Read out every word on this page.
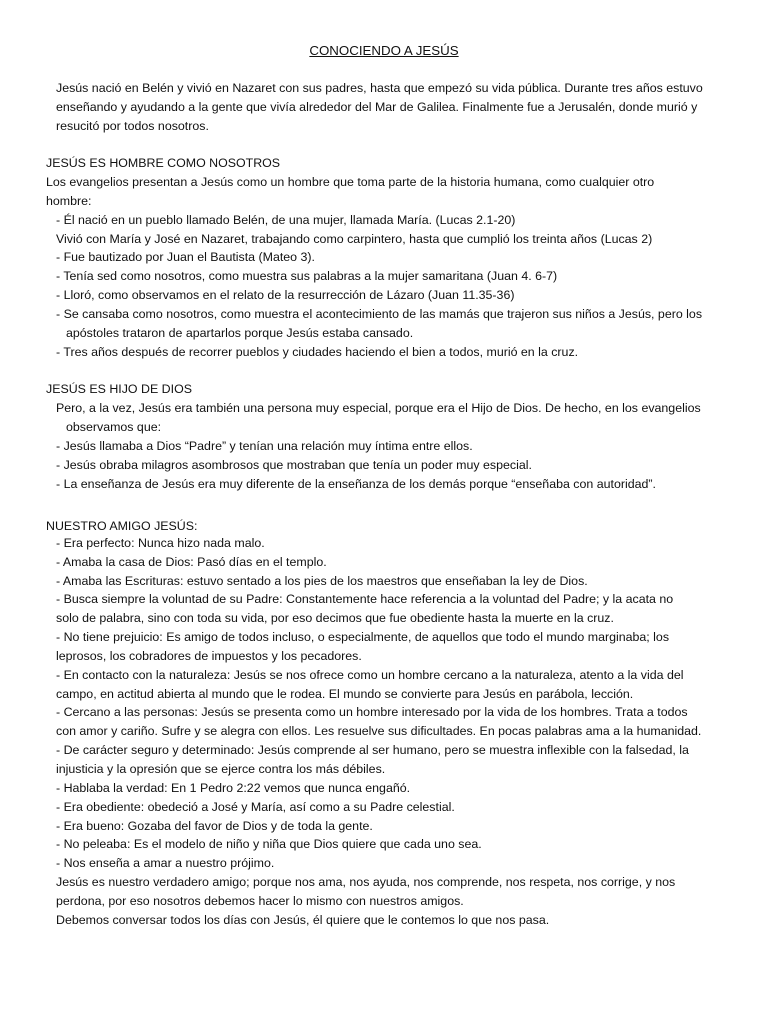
CONOCIENDO A JESÚS
Jesús nació en Belén y vivió en Nazaret con sus padres, hasta que empezó su vida pública. Durante tres años estuvo
enseñando y ayudando a la gente que vivía alrededor del Mar de Galilea. Finalmente fue a Jerusalén, donde murió y
resucitó por todos nosotros.
JESÚS ES HOMBRE COMO NOSOTROS
Los evangelios presentan a Jesús como un hombre que toma parte de la historia humana, como cualquier otro
hombre:
- Él nació en un pueblo llamado Belén, de una mujer, llamada María. (Lucas 2.1-20)
Vivió con María y José en Nazaret, trabajando como carpintero, hasta que cumplió los treinta años (Lucas 2)
- Fue bautizado por Juan el Bautista (Mateo 3).
- Tenía sed como nosotros, como muestra sus palabras a la mujer samaritana (Juan 4. 6-7)
- Lloró, como observamos en el relato de la resurrección de Lázaro (Juan 11.35-36)
- Se cansaba como nosotros, como muestra el acontecimiento de las mamás que trajeron sus niños a Jesús, pero los
apóstoles trataron de apartarlos porque Jesús estaba cansado.
- Tres años después de recorrer pueblos y ciudades haciendo el bien a todos, murió en la cruz.
JESÚS ES HIJO DE DIOS
Pero, a la vez, Jesús era también una persona muy especial, porque era el Hijo de Dios. De hecho, en los evangelios
observamos que:
- Jesús llamaba a Dios “Padre” y tenían una relación muy íntima entre ellos.
- Jesús obraba milagros asombrosos que mostraban que tenía un poder muy especial.
- La enseñanza de Jesús era muy diferente de la enseñanza de los demás porque “enseñaba con autoridad”.
NUESTRO AMIGO JESÚS:
- Era perfecto: Nunca hizo nada malo.
- Amaba la casa de Dios: Pasó días en el templo.
- Amaba las Escrituras: estuvo sentado a los pies de los maestros que enseñaban la ley de Dios.
- Busca siempre la voluntad de su Padre: Constantemente hace referencia a la voluntad del Padre; y la acata no
solo de palabra, sino con toda su vida, por eso decimos que fue obediente hasta la muerte en la cruz.
- No tiene prejuicio: Es amigo de todos incluso, o especialmente, de aquellos que todo el mundo marginaba; los
leprosos, los cobradores de impuestos y los pecadores.
- En contacto con la naturaleza: Jesús se nos ofrece como un hombre cercano a la naturaleza, atento a la vida del
campo, en actitud abierta al mundo que le rodea. El mundo se convierte para Jesús en parábola, lección.
- Cercano a las personas: Jesús se presenta como un hombre interesado por la vida de los hombres. Trata a todos
con amor y cariño. Sufre y se alegra con ellos. Les resuelve sus dificultades. En pocas palabras ama a la humanidad.
- De carácter seguro y determinado: Jesús comprende al ser humano, pero se muestra inflexible con la falsedad, la
injusticia y la opresión que se ejerce contra los más débiles.
- Hablaba la verdad: En 1 Pedro 2:22 vemos que nunca engañó.
- Era obediente: obedeció a José y María, así como a su Padre celestial.
- Era bueno: Gozaba del favor de Dios y de toda la gente.
- No peleaba: Es el modelo de niño y niña que Dios quiere que cada uno sea.
- Nos enseña a amar a nuestro prójimo.
Jesús es nuestro verdadero amigo; porque nos ama, nos ayuda, nos comprende, nos respeta, nos corrige, y nos
perdona, por eso nosotros debemos hacer lo mismo con nuestros amigos.
Debemos conversar todos los días con Jesús, él quiere que le contemos lo que nos pasa.
